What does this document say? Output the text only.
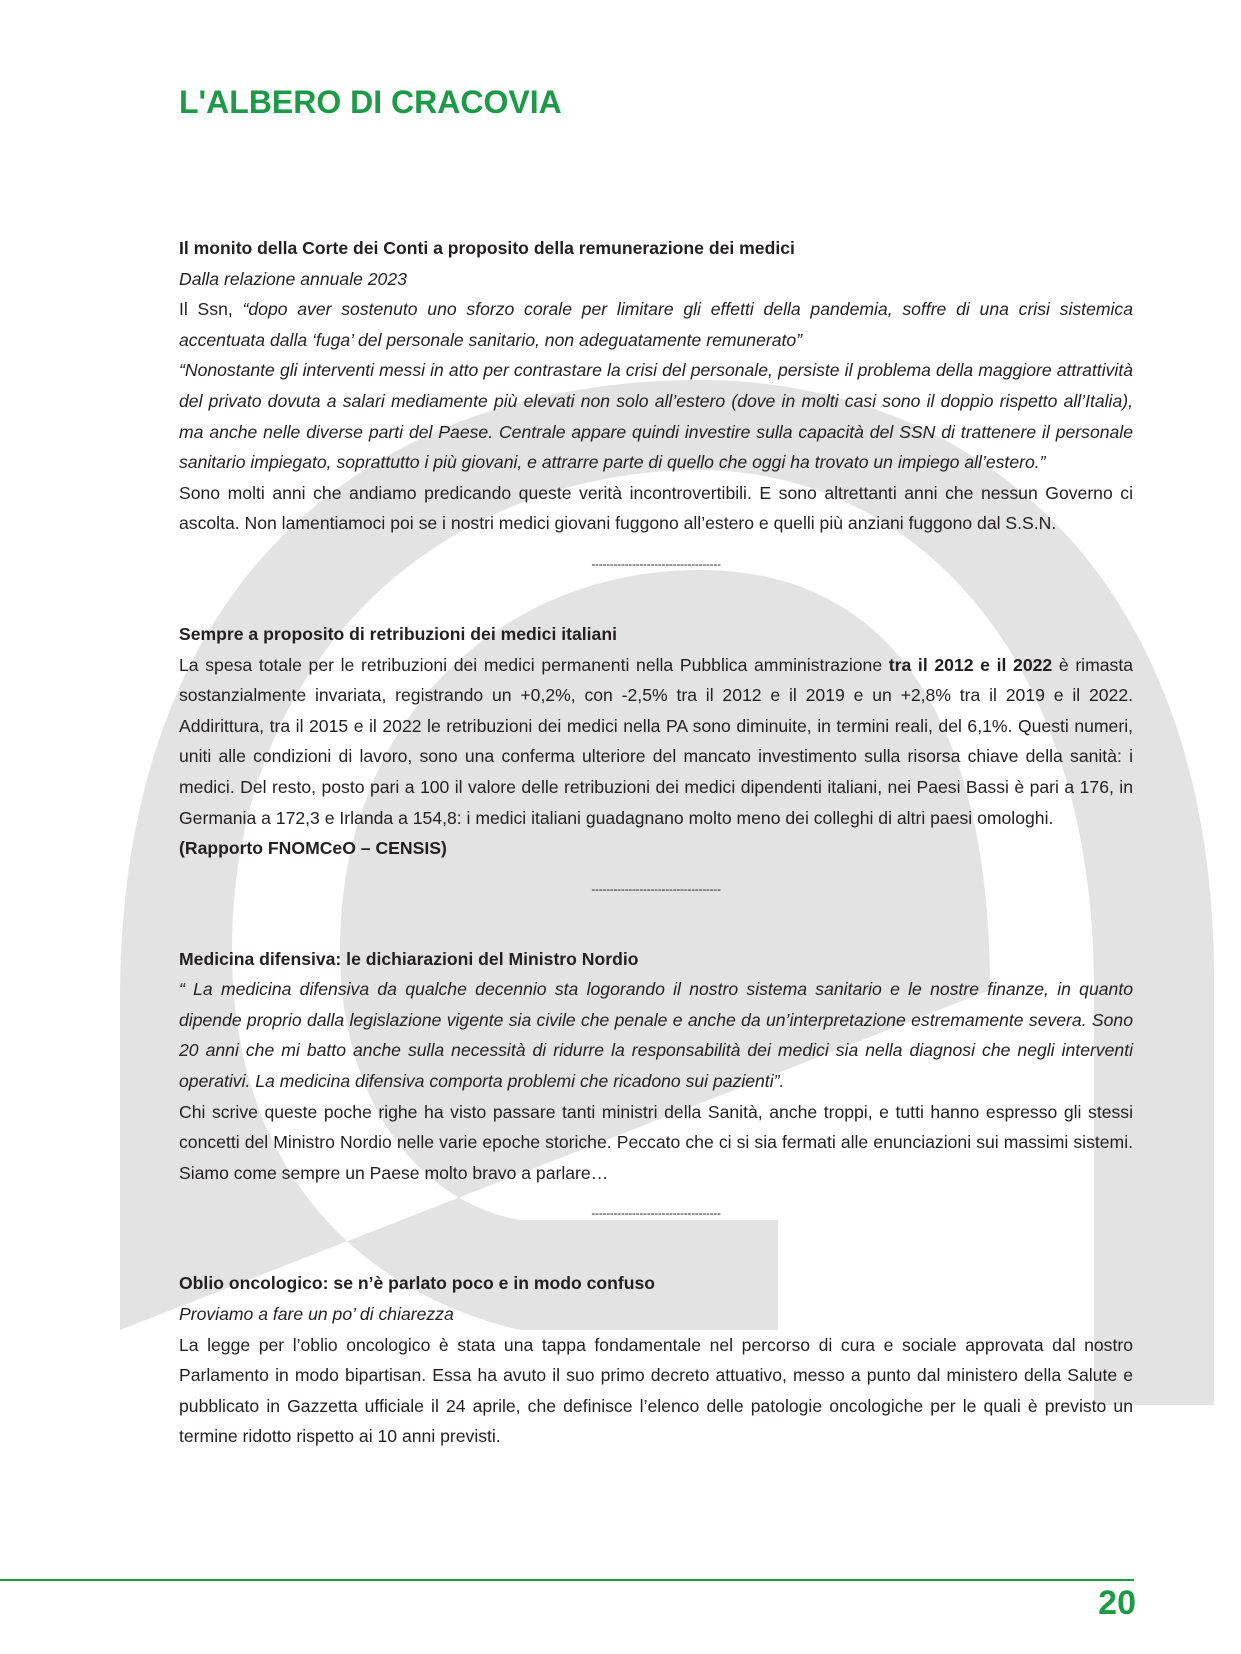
L'ALBERO DI CRACOVIA

Il monito della Corte dei Conti a proposito della remunerazione dei medici

Dalla relazione annuale 2023

Il Ssn, “dopo aver sostenuto uno sforzo corale per limitare gli effetti della pandemia, soffre di una crisi sistemica accentuata dalla ‘fuga’ del personale sanitario, non adeguatamente remunerato”

“Nonostante gli interventi messi in atto per contrastare la crisi del personale, persiste il problema della maggiore attrattività del privato dovuta a salari mediamente più elevati non solo all’estero (dove in molti casi sono il doppio rispetto all’Italia), ma anche nelle diverse parti del Paese. Centrale appare quindi investire sulla capacità del SSN di trattenere il personale sanitario impiegato, soprattutto i più giovani, e attrarre parte di quello che oggi ha trovato un impiego all’estero.”

Sono molti anni che andiamo predicando queste verità incontrovertibili. E sono altrettanti anni che nessun Governo ci ascolta. Non lamentiamoci poi se i nostri medici giovani fuggono all’estero e quelli più anziani fuggono dal S.S.N.

-----------------------------------

Sempre a proposito di retribuzioni dei medici italiani

La spesa totale per le retribuzioni dei medici permanenti nella Pubblica amministrazione tra il 2012 e il 2022 è rimasta sostanzialmente invariata, registrando un +0,2%, con -2,5% tra il 2012 e il 2019 e un +2,8% tra il 2019 e il 2022. Addirittura, tra il 2015 e il 2022 le retribuzioni dei medici nella PA sono diminuite, in termini reali, del 6,1%. Questi numeri, uniti alle condizioni di lavoro, sono una conferma ulteriore del mancato investimento sulla risorsa chiave della sanità: i medici. Del resto, posto pari a 100 il valore delle retribuzioni dei medici dipendenti italiani, nei Paesi Bassi è pari a 176, in Germania a 172,3 e Irlanda a 154,8: i medici italiani guadagnano molto meno dei colleghi di altri paesi omologhi.

(Rapporto FNOMCeO – CENSIS)

-----------------------------------

Medicina difensiva: le dichiarazioni del Ministro Nordio

“ La medicina difensiva da qualche decennio sta logorando il nostro sistema sanitario e le nostre finanze, in quanto dipende proprio dalla legislazione vigente sia civile che penale e anche da un’interpretazione estremamente severa. Sono 20 anni che mi batto anche sulla necessità di ridurre la responsabilità dei medici sia nella diagnosi che negli interventi operativi. La medicina difensiva comporta problemi che ricadono sui pazienti”.

Chi scrive queste poche righe ha visto passare tanti ministri della Sanità, anche troppi, e tutti hanno espresso gli stessi concetti del Ministro Nordio nelle varie epoche storiche. Peccato che ci si sia fermati alle enunciazioni sui massimi sistemi. Siamo come sempre un Paese molto bravo a parlare…

-----------------------------------

Oblio oncologico: se n’è parlato poco e in modo confuso

Proviamo a fare un po’ di chiarezza

La legge per l’oblio oncologico è stata una tappa fondamentale nel percorso di cura e sociale approvata dal nostro Parlamento in modo bipartisan. Essa ha avuto il suo primo decreto attuativo, messo a punto dal ministero della Salute e pubblicato in Gazzetta ufficiale il 24 aprile, che definisce l’elenco delle patologie oncologiche per le quali è previsto un termine ridotto rispetto ai 10 anni previsti.

20
